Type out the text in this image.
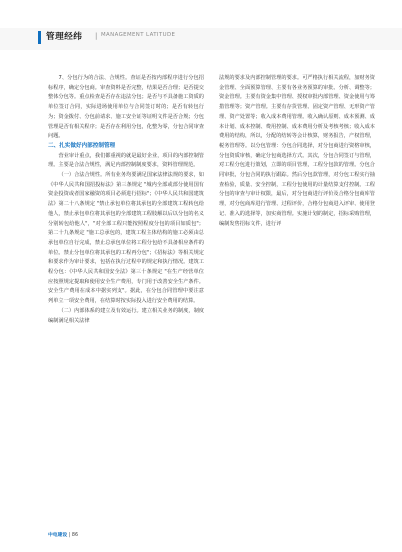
管理经纬 | MANAGEMENT LATITUDE

7、分包行为的合法、合规性。查证是否按内部程序进行分包招标程序，确定分包商。审查资料是否完整，结果是否合理；是否提交整体分包等。重点检查是否存在违法分包；是否与不具备施工资质的单位签订合同，实际进场使用单位与合同签订时的；是否有转包行为；资金拨付、分包前请求、施工安全证等证明文件是否合规；分包管理是否有相关程序；是否存在利用分包，化整为零，分包合同审查问题。

二、扎实做好内部控制管理

营业审计重点，我们都重视的就是最好企业，项目的内部控制管理。主要是合法合规性，满足内部控制制度要求，资料管理规范。

（一）合法合规性。所有业务均要满足国家法律法规的要求，如《中华人民共和国招投标法》第三条规定 "城内全部或部分使用国有资金投资或者国家融资的项目必须进行招标"；《中华人民共和国建筑法》第二十八条规定 "禁止承包单位将其承包的全部建筑工程转包给他人，禁止承包单位将其承包的全部建筑工程肢解以后以分包的名义分别转包给他人"，"对全部工程只能按照程度分包的项目如质包"；第二十九条规定 "施工总承包的，建筑工程主体结构的施工必须由总承包单位自行完成，禁止总承包单位将工程分包给不具备相应条件的单位。禁止分包单位将其承包的工程再分包"；《招标法》等相关规定和要求作为审计要求，包括在执行过程中的规定和执行情况。建筑工程分包：《中华人民共和国安全法》第三十条规定 "在生产经营单位应按照规定提取和使用安全生产费用，专门用于改善安全生产条件。安全生产费用在成本中据实列支"。据此，在分包合同管理中要注意列单立一项安全费用，在结算时按实际投入进行安全费用的结算。

（二）内部体系的建立及有效运行。建立相关业务的制度，制度编制满足相关法律

法规的要求及内部控制管理的要求。可严格执行相关流程，加财务资金管理、全面预算管理、主要有各业务预算的审批、分析、调整等；资金管理。主要有资金集中管理、授权审批内部管理、资金使用与筹措管理等；资产管理。主要有存货管理、固定资产管理、无形资产管理、资产处置等；收入成本费用管理。收入确认原则、成本预测、成本计划、成本控制、费用控制、成本费用分析及考核考核；收入成本费用的结构，所以，分配的结转等会计核算，财务报告，产权管理，税务管理等。以分包管理：分包合同选择，对分包商进行资格审核，分包资质审核，确定分包商选择方式。其次，分包合同签订与管理，对工程分包进行策划，立即的项目管理，工程分包款的管理。分包合同审批，分包合同的执行跟踪。然后分包款管理，对分包工程实行抽查检验，质量、安全控制，工程分包使用的计量结算支付控制。工程分包的审查与审计权限，最后，对分包商进行评价及合格分包商库管理，对分包商库进行管理、过程评价，合格分包商进入评审、使用登记、准入的选择等，加实商管理。实施计划的制定，招标采购管理，编制发售招标文件，进行评

中电建设 | 86
